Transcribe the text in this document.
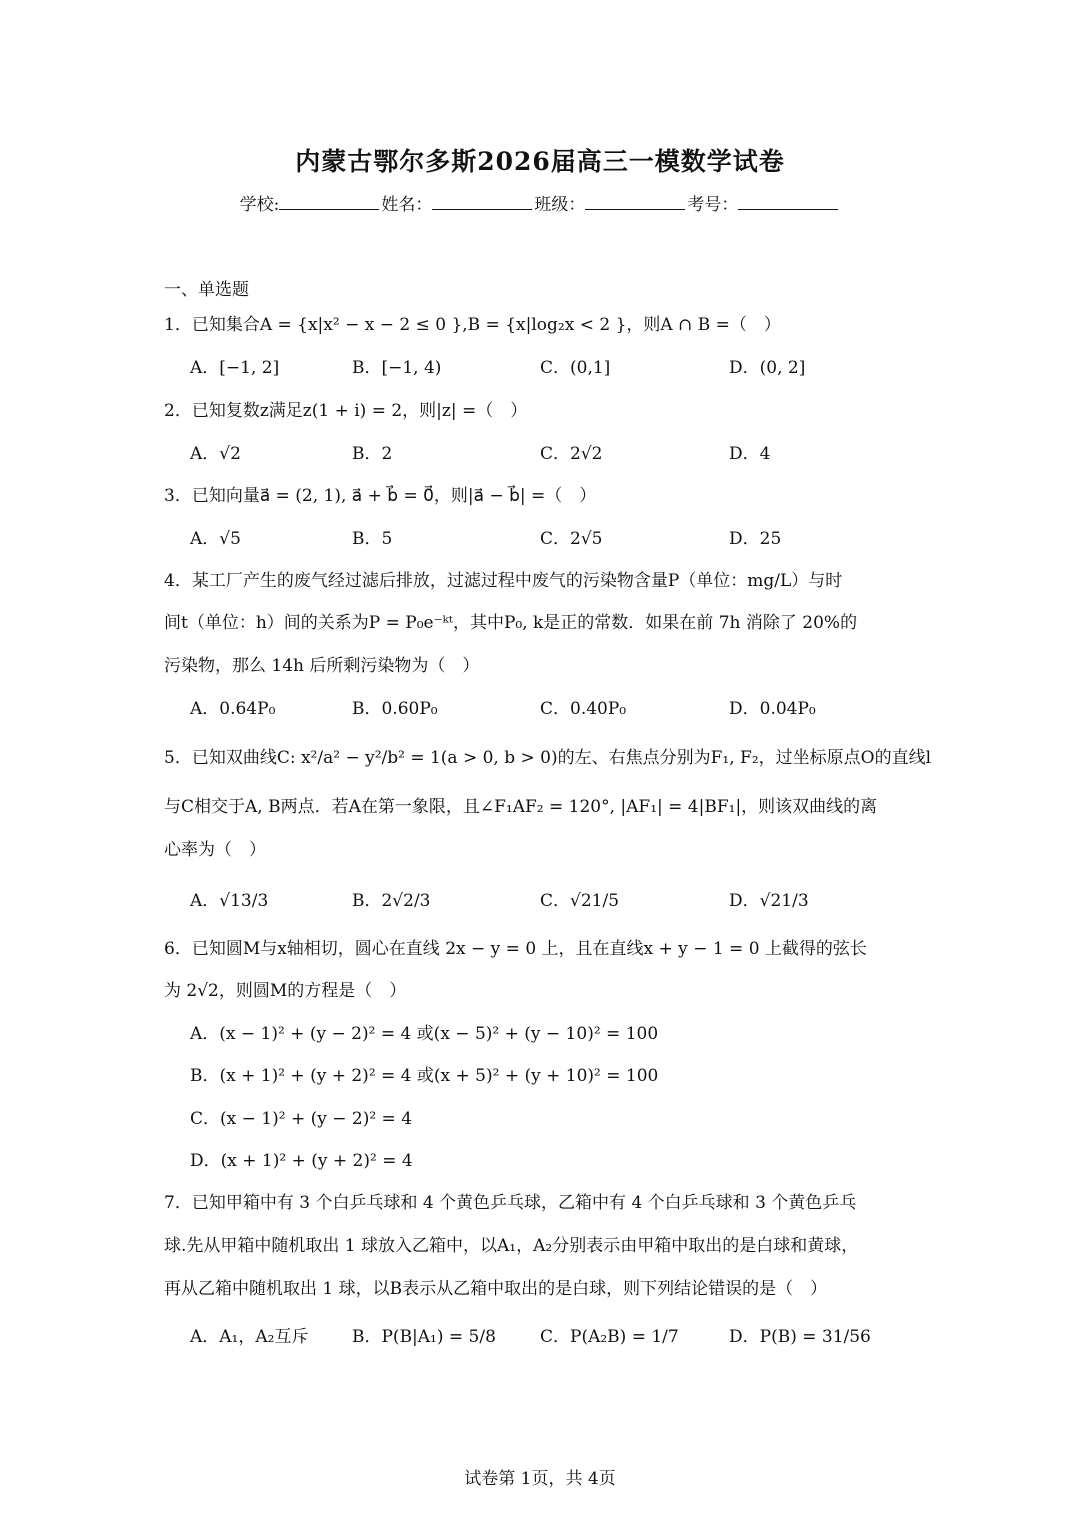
内蒙古鄂尔多斯2026届高三一模数学试卷
学校:	姓名：	班级：	考号：
一、单选题
1．已知集合A = {x|x² − x − 2 ≤ 0 },B = {x|log₂x < 2 }，则A ∩ B =（　）
A．[−1, 2]	B．[−1, 4)	C．(0,1]	D．(0, 2]
2．已知复数z满足z(1 + i) = 2，则|z| =（　）
A．√2	B．2	C．2√2	D．4
3．已知向量a⃗ = (2, 1), a⃗ + b⃗ = 0⃗，则|a⃗ − b⃗| =（　）
A．√5	B．5	C．2√5	D．25
4．某工厂产生的废气经过滤后排放，过滤过程中废气的污染物含量P（单位：mg/L）与时
间t（单位：h）间的关系为P = P₀e⁻ᵏᵗ，其中P₀, k是正的常数．如果在前 7h 消除了 20%的
污染物，那么 14h 后所剩污染物为（　）
A．0.64P₀	B．0.60P₀	C．0.40P₀	D．0.04P₀
5．已知双曲线C: x²/a² − y²/b² = 1(a > 0, b > 0)的左、右焦点分别为F₁, F₂，过坐标原点O的直线l
与C相交于A, B两点．若A在第一象限，且∠F₁AF₂ = 120°, |AF₁| = 4|BF₁|，则该双曲线的离
心率为（　）
A．√13/3	B．2√2/3	C．√21/5	D．√21/3
6．已知圆M与x轴相切，圆心在直线 2x − y = 0 上，且在直线x + y − 1 = 0 上截得的弦长
为 2√2，则圆M的方程是（　）
A．(x − 1)² + (y − 2)² = 4 或(x − 5)² + (y − 10)² = 100
B．(x + 1)² + (y + 2)² = 4 或(x + 5)² + (y + 10)² = 100
C．(x − 1)² + (y − 2)² = 4
D．(x + 1)² + (y + 2)² = 4
7．已知甲箱中有 3 个白乒乓球和 4 个黄色乒乓球，乙箱中有 4 个白乒乓球和 3 个黄色乒乓
球.先从甲箱中随机取出 1 球放入乙箱中，以A₁，A₂分别表示由甲箱中取出的是白球和黄球，
再从乙箱中随机取出 1 球，以B表示从乙箱中取出的是白球，则下列结论错误的是（　）
A．A₁，A₂互斥	B．P(B|A₁) = 5/8	C．P(A₂B) = 1/7	D．P(B) = 31/56
试卷第 1页，共 4页
